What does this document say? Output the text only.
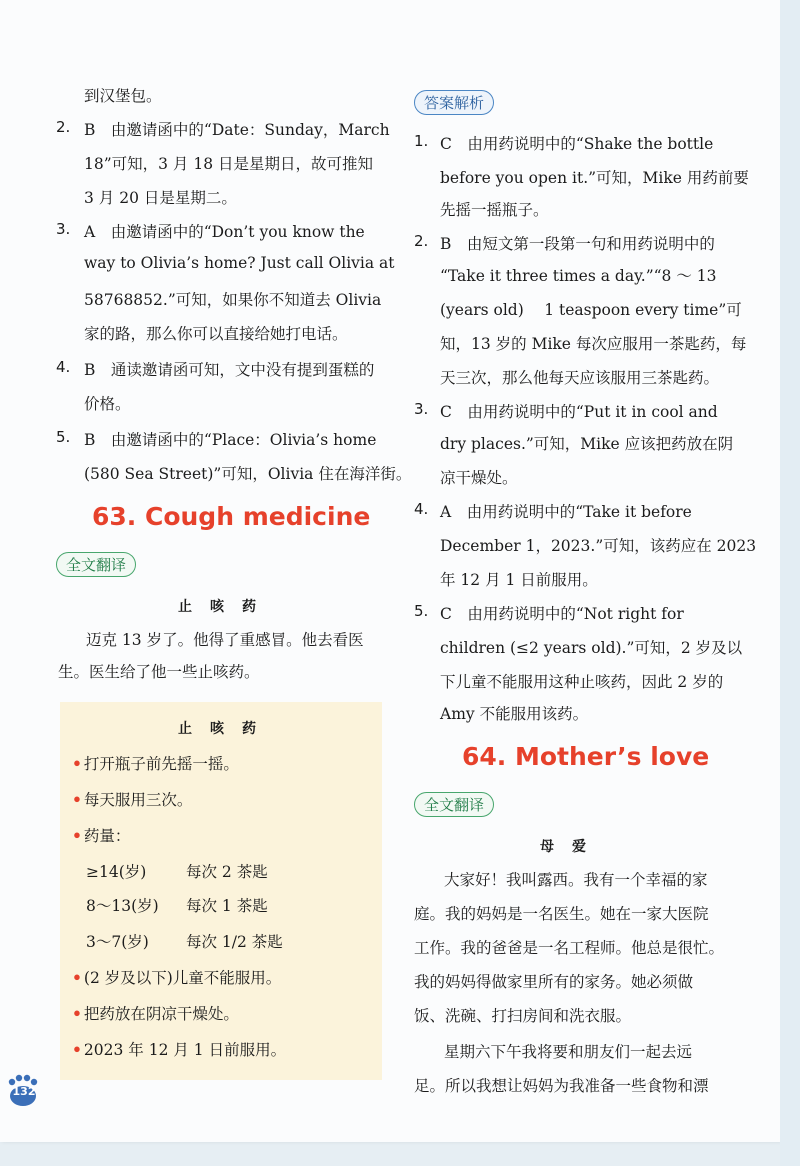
到汉堡包。
2. B　由邀请函中的“Date：Sunday，March
18”可知，3 月 18 日是星期日，故可推知
3 月 20 日是星期二。
3. A　由邀请函中的“Don’t you know the
way to Olivia’s home? Just call Olivia at
58768852.”可知，如果你不知道去 Olivia
家的路，那么你可以直接给她打电话。
4. B　通读邀请函可知，文中没有提到蛋糕的
价格。
5. B　由邀请函中的“Place：Olivia’s home
(580 Sea Street)”可知，Olivia 住在海洋街。
63. Cough medicine
全文翻译
止咳药
迈克 13 岁了。他得了重感冒。他去看医
生。医生给了他一些止咳药。
止咳药
• 打开瓶子前先摇一摇。
• 每天服用三次。
• 药量：
≥14(岁)	每次 2 茶匙
8～13(岁) 每次 1 茶匙
3～7(岁) 每次 1/2 茶匙
• (2 岁及以下)儿童不能服用。
• 把药放在阴凉干燥处。
• 2023 年 12 月 1 日前服用。
答案解析
1. C　由用药说明中的“Shake the bottle
before you open it.”可知，Mike 用药前要
先摇一摇瓶子。
2. B　由短文第一段第一句和用药说明中的
“Take it three times a day.”“8 ～ 13
(years old)　 1 teaspoon every time”可
知，13 岁的 Mike 每次应服用一茶匙药，每
天三次，那么他每天应该服用三茶匙药。
3. C　由用药说明中的“Put it in cool and
dry places.”可知，Mike 应该把药放在阴
凉干燥处。
4. A　由用药说明中的“Take it before
December 1，2023.”可知，该药应在 2023
年 12 月 1 日前服用。
5. C　由用药说明中的“Not right for
children (≤2 years old).”可知，2 岁及以
下儿童不能服用这种止咳药，因此 2 岁的
Amy 不能服用该药。
64. Mother’s love
全文翻译
母爱
大家好！我叫露西。我有一个幸福的家
庭。我的妈妈是一名医生。她在一家大医院
工作。我的爸爸是一名工程师。他总是很忙。
我的妈妈得做家里所有的家务。她必须做
饭、洗碗、打扫房间和洗衣服。
星期六下午我将要和朋友们一起去远
足。所以我想让妈妈为我准备一些食物和漂
132
